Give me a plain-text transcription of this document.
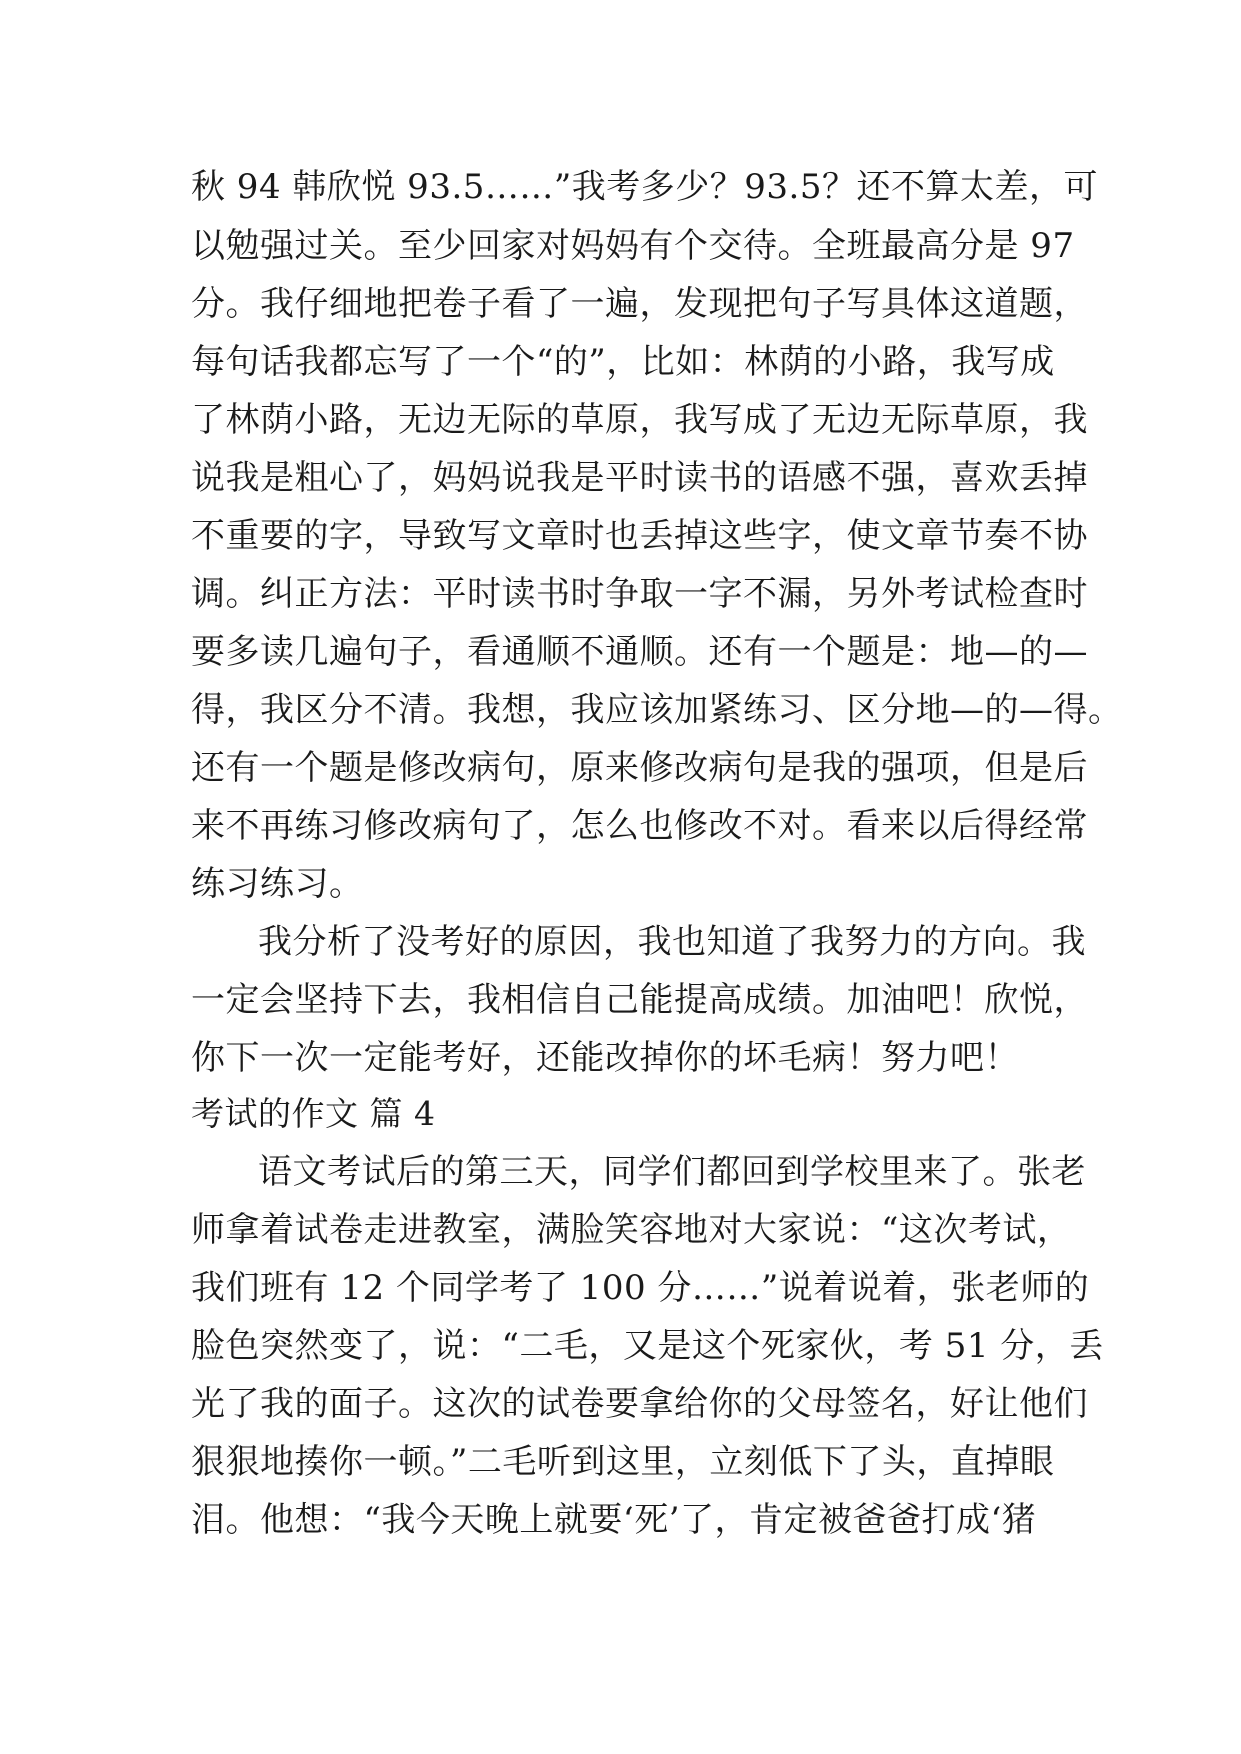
秋 94 韩欣悦 93.5……”我考多少？93.5？还不算太差，可
以勉强过关。至少回家对妈妈有个交待。全班最高分是 97
分。我仔细地把卷子看了一遍，发现把句子写具体这道题，
每句话我都忘写了一个“的”，比如：林荫的小路，我写成
了林荫小路，无边无际的草原，我写成了无边无际草原，我
说我是粗心了，妈妈说我是平时读书的语感不强，喜欢丢掉
不重要的字，导致写文章时也丢掉这些字，使文章节奏不协
调。纠正方法：平时读书时争取一字不漏，另外考试检查时
要多读几遍句子，看通顺不通顺。还有一个题是：地—的—
得，我区分不清。我想，我应该加紧练习、区分地—的—得。
还有一个题是修改病句，原来修改病句是我的强项，但是后
来不再练习修改病句了，怎么也修改不对。看来以后得经常
练习练习。
我分析了没考好的原因，我也知道了我努力的方向。我
一定会坚持下去，我相信自己能提高成绩。加油吧！欣悦，
你下一次一定能考好，还能改掉你的坏毛病！努力吧！
考试的作文 篇 4
语文考试后的第三天，同学们都回到学校里来了。张老
师拿着试卷走进教室，满脸笑容地对大家说：“这次考试，
我们班有 12 个同学考了 100 分……”说着说着，张老师的
脸色突然变了，说：“二毛，又是这个死家伙，考 51 分，丢
光了我的面子。这次的试卷要拿给你的父母签名，好让他们
狠狠地揍你一顿。”二毛听到这里，立刻低下了头，直掉眼
泪。他想：“我今天晚上就要‘死’了，肯定被爸爸打成‘猪
